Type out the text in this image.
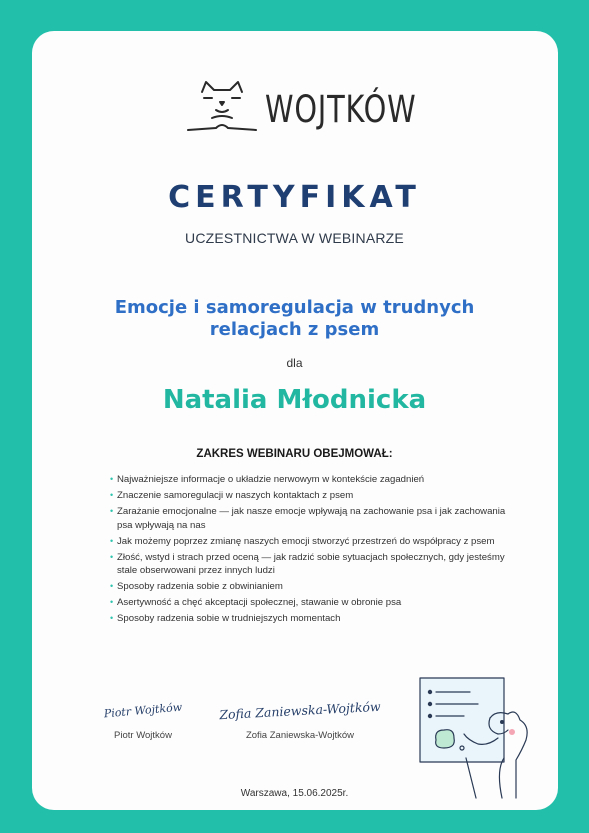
WOJTKÓW
CERTYFIKAT
UCZESTNICTWA W WEBINARZE
Emocje i samoregulacja w trudnych relacjach z psem
dla
Natalia Młodnicka
ZAKRES WEBINARU OBEJMOWAŁ:
• Najważniejsze informacje o układzie nerwowym w kontekście zagadnień
• Znaczenie samoregulacji w naszych kontaktach z psem
• Zarażanie emocjonalne — jak nasze emocje wpływają na zachowanie psa i jak zachowania psa wpływają na nas
• Jak możemy poprzez zmianę naszych emocji stworzyć przestrzeń do współpracy z psem
• Złość, wstyd i strach przed oceną — jak radzić sobie sytuacjach społecznych, gdy jesteśmy stale obserwowani przez innych ludzi
• Sposoby radzenia sobie z obwinianiem
• Asertywność a chęć akceptacji społecznej, stawanie w obronie psa
• Sposoby radzenia sobie w trudniejszych momentach
Piotr Wojtków
Piotr Wojtków
Zofia Zaniewska-Wojtków
Zofia Zaniewska-Wojtków
Warszawa, 15.06.2025r.
